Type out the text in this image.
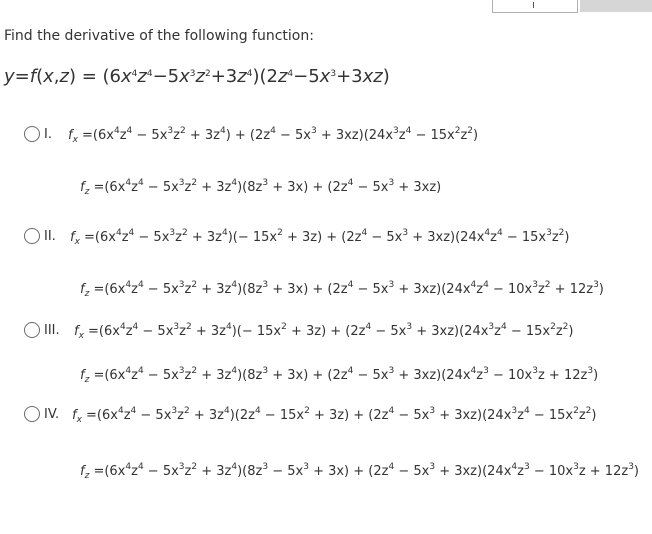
Find the derivative of the following function:
$y=f(x,z) = (6x^4z^4-5x^3z^2+3z^4)(2z^4-5x^3+3xz)$
I. $f_x =(6x^4z^4 - 5x^3z^2 + 3z^4) + (2z^4 - 5x^3 + 3xz)(24x^3z^4 - 15x^2z^2)$
$f_z =(6x^4z^4 - 5x^3z^2 + 3z^4)(8z^3 + 3x) + (2z^4 - 5x^3 + 3xz)$
II. $f_x =(6x^4z^4 - 5x^3z^2 + 3z^4)(- 15x^2 + 3z) + (2z^4 - 5x^3 + 3xz)(24x^4z^4 - 15x^3z^2)$
$f_z =(6x^4z^4 - 5x^3z^2 + 3z^4)(8z^3 + 3x) + (2z^4 - 5x^3 + 3xz)(24x^4z^4 - 10x^3z^2 + 12z^3)$
III. $f_x =(6x^4z^4 - 5x^3z^2 + 3z^4)(- 15x^2 + 3z) + (2z^4 - 5x^3 + 3xz)(24x^3z^4 - 15x^2z^2)$
$f_z =(6x^4z^4 - 5x^3z^2 + 3z^4)(8z^3 + 3x) + (2z^4 - 5x^3 + 3xz)(24x^4z^3 - 10x^3z + 12z^3)$
IV. $f_x =(6x^4z^4 - 5x^3z^2 + 3z^4)(2z^4 - 15x^2 + 3z) + (2z^4 - 5x^3 + 3xz)(24x^3z^4 - 15x^2z^2)$
$f_z =(6x^4z^4 - 5x^3z^2 + 3z^4)(8z^3 - 5x^3 + 3x) + (2z^4 - 5x^3 + 3xz)(24x^4z^3 - 10x^3z + 12z^3)$
